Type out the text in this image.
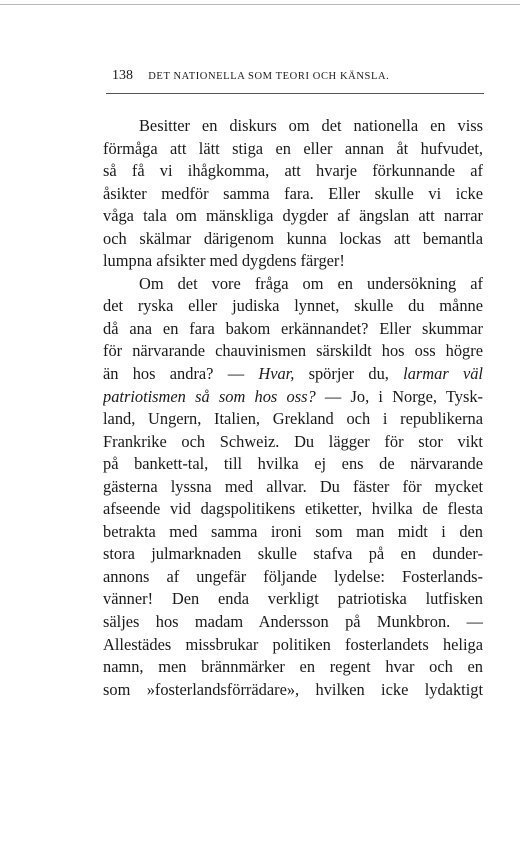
138 DET NATIONELLA SOM TEORI OCH KÄNSLA.
Besitter en diskurs om det nationella en viss
förmåga att lätt stiga en eller annan åt hufvudet,
så få vi ihågkomma, att hvarje förkunnande af
åsikter medför samma fara. Eller skulle vi icke
våga tala om mänskliga dygder af ängslan att narrar
och skälmar därigenom kunna lockas att bemantla
lumpna afsikter med dygdens färger!
Om det vore fråga om en undersökning af
det ryska eller judiska lynnet, skulle du månne
då ana en fara bakom erkännandet? Eller skummar
för närvarande chauvinismen särskildt hos oss högre
än hos andra? — Hvar, spörjer du, larmar väl
patriotismen så som hos oss? — Jo, i Norge, Tysk-
land, Ungern, Italien, Grekland och i republikerna
Frankrike och Schweiz. Du lägger för stor vikt
på bankett-tal, till hvilka ej ens de närvarande
gästerna lyssna med allvar. Du fäster för mycket
afseende vid dagspolitikens etiketter, hvilka de flesta
betrakta med samma ironi som man midt i den
stora julmarknaden skulle stafva på en dunder-
annons af ungefär följande lydelse: Fosterlands-
vänner! Den enda verkligt patriotiska lutfisken
säljes hos madam Andersson på Munkbron. —
Allestädes missbrukar politiken fosterlandets heliga
namn, men brännmärker en regent hvar och en
som »fosterlandsförrädare», hvilken icke lydaktigt
